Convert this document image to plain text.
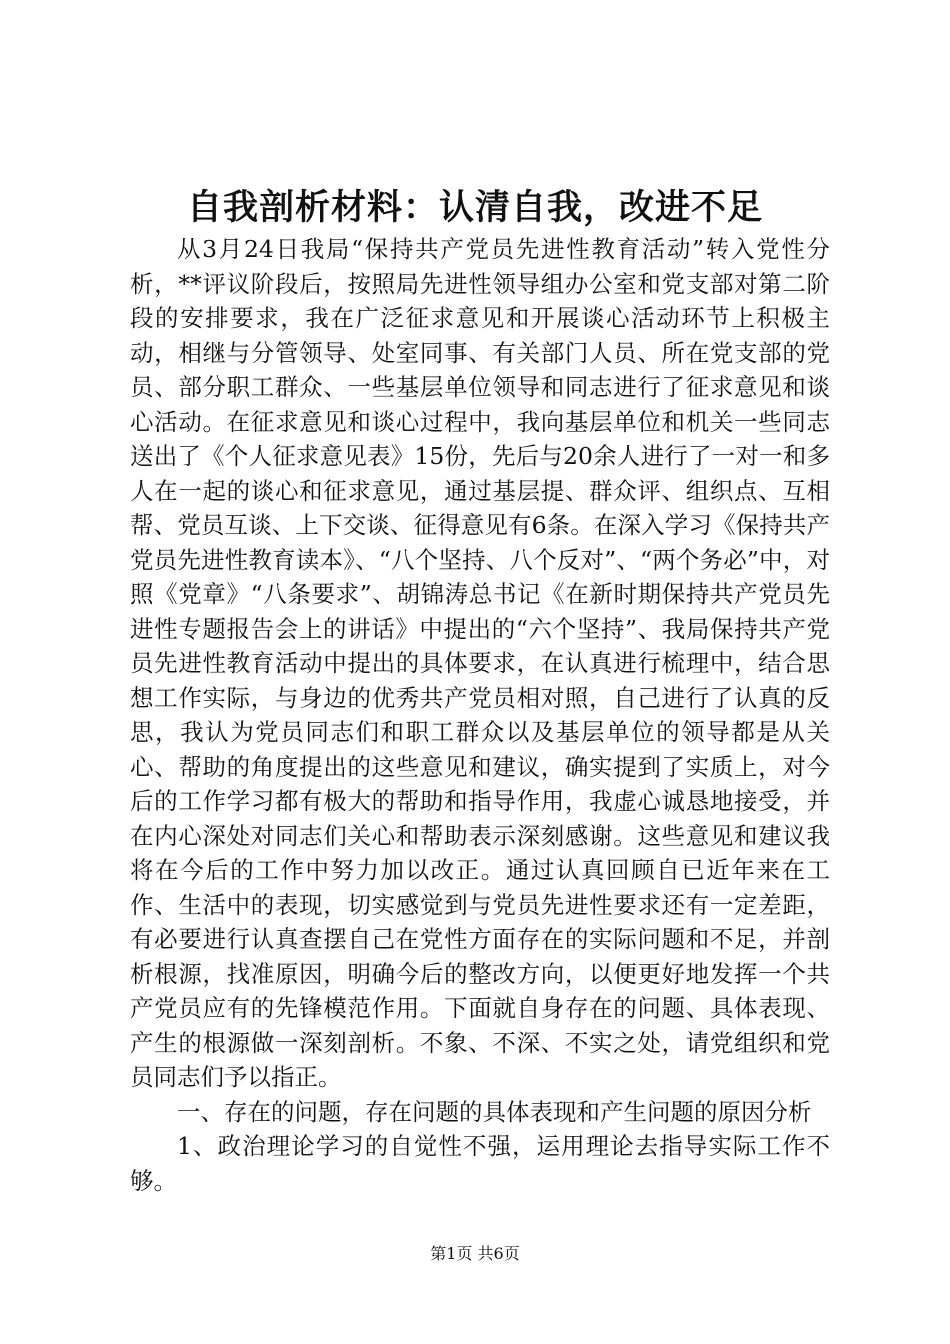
自我剖析材料：认清自我，改进不足

从3月24日我局“保持共产党员先进性教育活动”转入党性分析，**评议阶段后，按照局先进性领导组办公室和党支部对第二阶段的安排要求，我在广泛征求意见和开展谈心活动环节上积极主动，相继与分管领导、处室同事、有关部门人员、所在党支部的党员、部分职工群众、一些基层单位领导和同志进行了征求意见和谈心活动。在征求意见和谈心过程中，我向基层单位和机关一些同志送出了《个人征求意见表》15份，先后与20余人进行了一对一和多人在一起的谈心和征求意见，通过基层提、群众评、组织点、互相帮、党员互谈、上下交谈、征得意见有6条。在深入学习《保持共产党员先进性教育读本》、“八个坚持、八个反对”、“两个务必”中，对照《党章》“八条要求”、胡锦涛总书记《在新时期保持共产党员先进性专题报告会上的讲话》中提出的“六个坚持”、我局保持共产党员先进性教育活动中提出的具体要求，在认真进行梳理中，结合思想工作实际，与身边的优秀共产党员相对照，自己进行了认真的反思，我认为党员同志们和职工群众以及基层单位的领导都是从关心、帮助的角度提出的这些意见和建议，确实提到了实质上，对今后的工作学习都有极大的帮助和指导作用，我虚心诚恳地接受，并在内心深处对同志们关心和帮助表示深刻感谢。这些意见和建议我将在今后的工作中努力加以改正。通过认真回顾自已近年来在工作、生活中的表现，切实感觉到与党员先进性要求还有一定差距，有必要进行认真查摆自己在党性方面存在的实际问题和不足，并剖析根源，找准原因，明确今后的整改方向，以便更好地发挥一个共产党员应有的先锋模范作用。下面就自身存在的问题、具体表现、产生的根源做一深刻剖析。不象、不深、不实之处，请党组织和党员同志们予以指正。

一、存在的问题，存在问题的具体表现和产生问题的原因分析

1、政治理论学习的自觉性不强，运用理论去指导实际工作不够。

第1页 共6页
